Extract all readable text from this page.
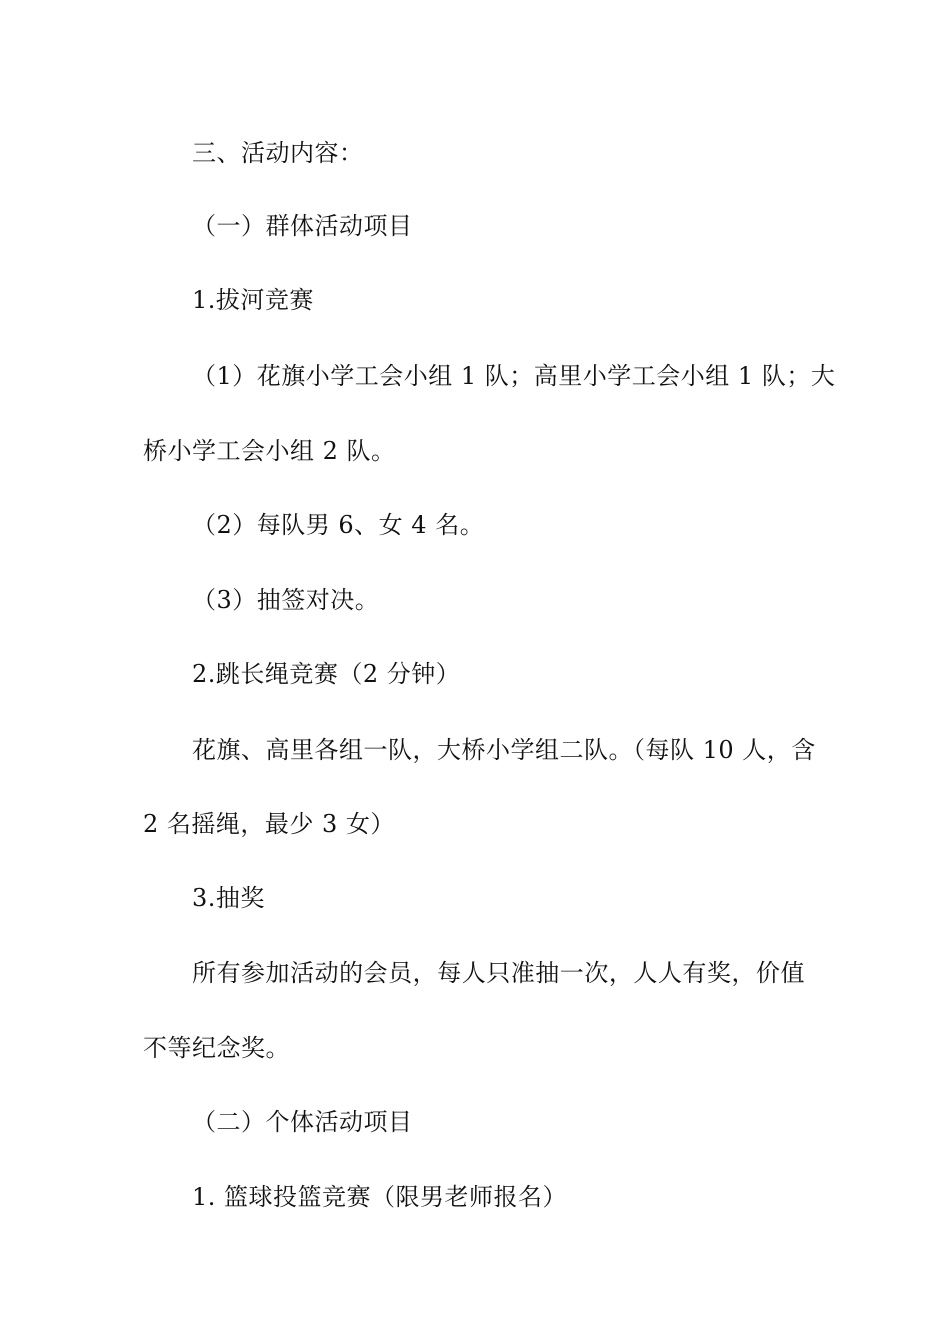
三、活动内容：
（一）群体活动项目
1.拔河竞赛
（1）花旗小学工会小组 1 队；高里小学工会小组 1 队；大
桥小学工会小组 2 队。
（2）每队男 6、女 4 名。
（3）抽签对决。
2.跳长绳竞赛（2 分钟）
花旗、高里各组一队，大桥小学组二队。（每队 10 人，含
2 名摇绳，最少 3 女）
3.抽奖
所有参加活动的会员，每人只准抽一次，人人有奖，价值
不等纪念奖。
（二）个体活动项目
1. 篮球投篮竞赛（限男老师报名）
